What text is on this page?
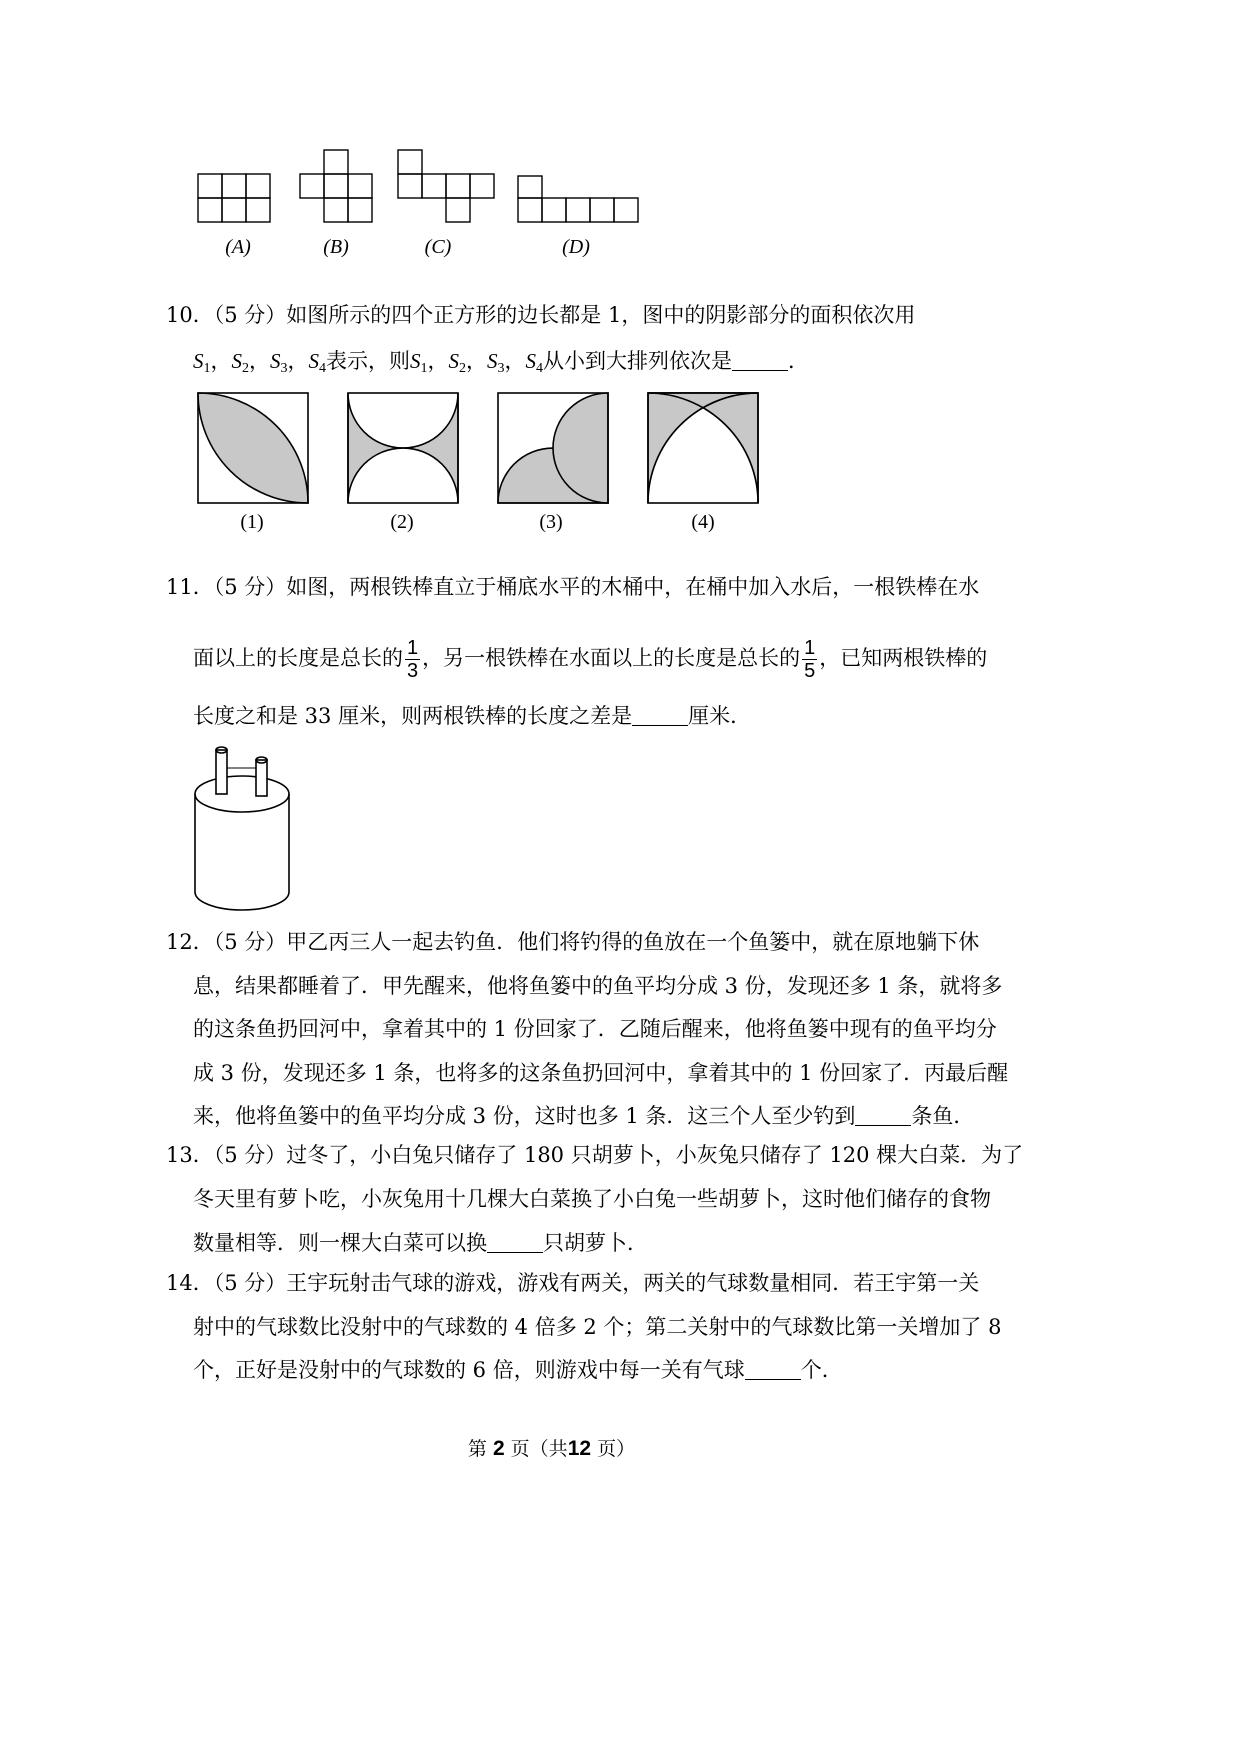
(A)	(B)	(C)	(D)
10．（5 分）如图所示的四个正方形的边长都是 1，图中的阴影部分的面积依次用
$S_1$，$S_2$，$S_3$，$S_4$表示，则$S_1$，$S_2$，$S_3$，$S_4$从小到大排列依次是	．
(1)	(2)	(3)	(4)
11．（5 分）如图，两根铁棒直立于桶底水平的木桶中，在桶中加入水后，一根铁棒在水
面以上的长度是总长的 $\frac{1}{3}$ ，另一根铁棒在水面以上的长度是总长的 $\frac{1}{5}$ ，已知两根铁棒的
长度之和是 33 厘米，则两根铁棒的长度之差是	厘米．
12．（5 分）甲乙丙三人一起去钓鱼．他们将钓得的鱼放在一个鱼篓中，就在原地躺下休
息，结果都睡着了．甲先醒来，他将鱼篓中的鱼平均分成 3 份，发现还多 1 条，就将多
的这条鱼扔回河中，拿着其中的 1 份回家了．乙随后醒来，他将鱼篓中现有的鱼平均分
成 3 份，发现还多 1 条，也将多的这条鱼扔回河中，拿着其中的 1 份回家了．丙最后醒
来，他将鱼篓中的鱼平均分成 3 份，这时也多 1 条．这三个人至少钓到	条鱼．
13．（5 分）过冬了，小白兔只储存了 180 只胡萝卜，小灰兔只储存了 120 棵大白菜．为了
冬天里有萝卜吃，小灰兔用十几棵大白菜换了小白兔一些胡萝卜，这时他们储存的食物
数量相等．则一棵大白菜可以换	只胡萝卜．
14．（5 分）王宇玩射击气球的游戏，游戏有两关，两关的气球数量相同．若王宇第一关
射中的气球数比没射中的气球数的 4 倍多 2 个；第二关射中的气球数比第一关增加了 8
个，正好是没射中的气球数的 6 倍，则游戏中每一关有气球	个．
第 2 页（共12 页）
